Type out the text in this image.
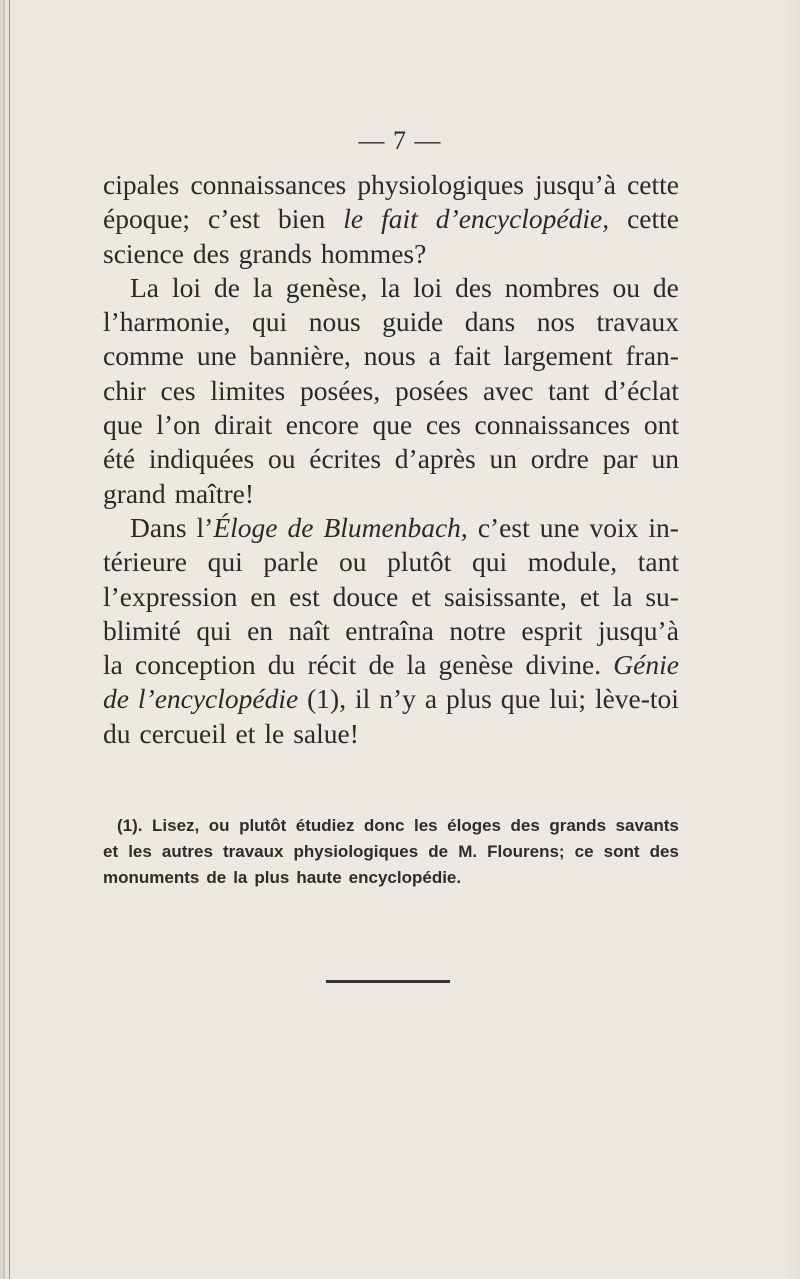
— 7 —
cipales connaissances physiologiques jusqu’à cette
époque; c’est bien le fait d’encyclopédie, cette
science des grands hommes?
La loi de la genèse, la loi des nombres ou de
l’harmonie, qui nous guide dans nos travaux
comme une bannière, nous a fait largement fran-
chir ces limites posées, posées avec tant d’éclat
que l’on dirait encore que ces connaissances ont
été indiquées ou écrites d’après un ordre par un
grand maître!
Dans l’Éloge de Blumenbach, c’est une voix in-
térieure qui parle ou plutôt qui module, tant
l’expression en est douce et saisissante, et la su-
blimité qui en naît entraîna notre esprit jusqu’à
la conception du récit de la genèse divine. Génie
de l’encyclopédie (1), il n’y a plus que lui; lève-toi
du cercueil et le salue!
(1). Lisez, ou plutôt étudiez donc les éloges des grands savants
et les autres travaux physiologiques de M. Flourens; ce sont des
monuments de la plus haute encyclopédie.
